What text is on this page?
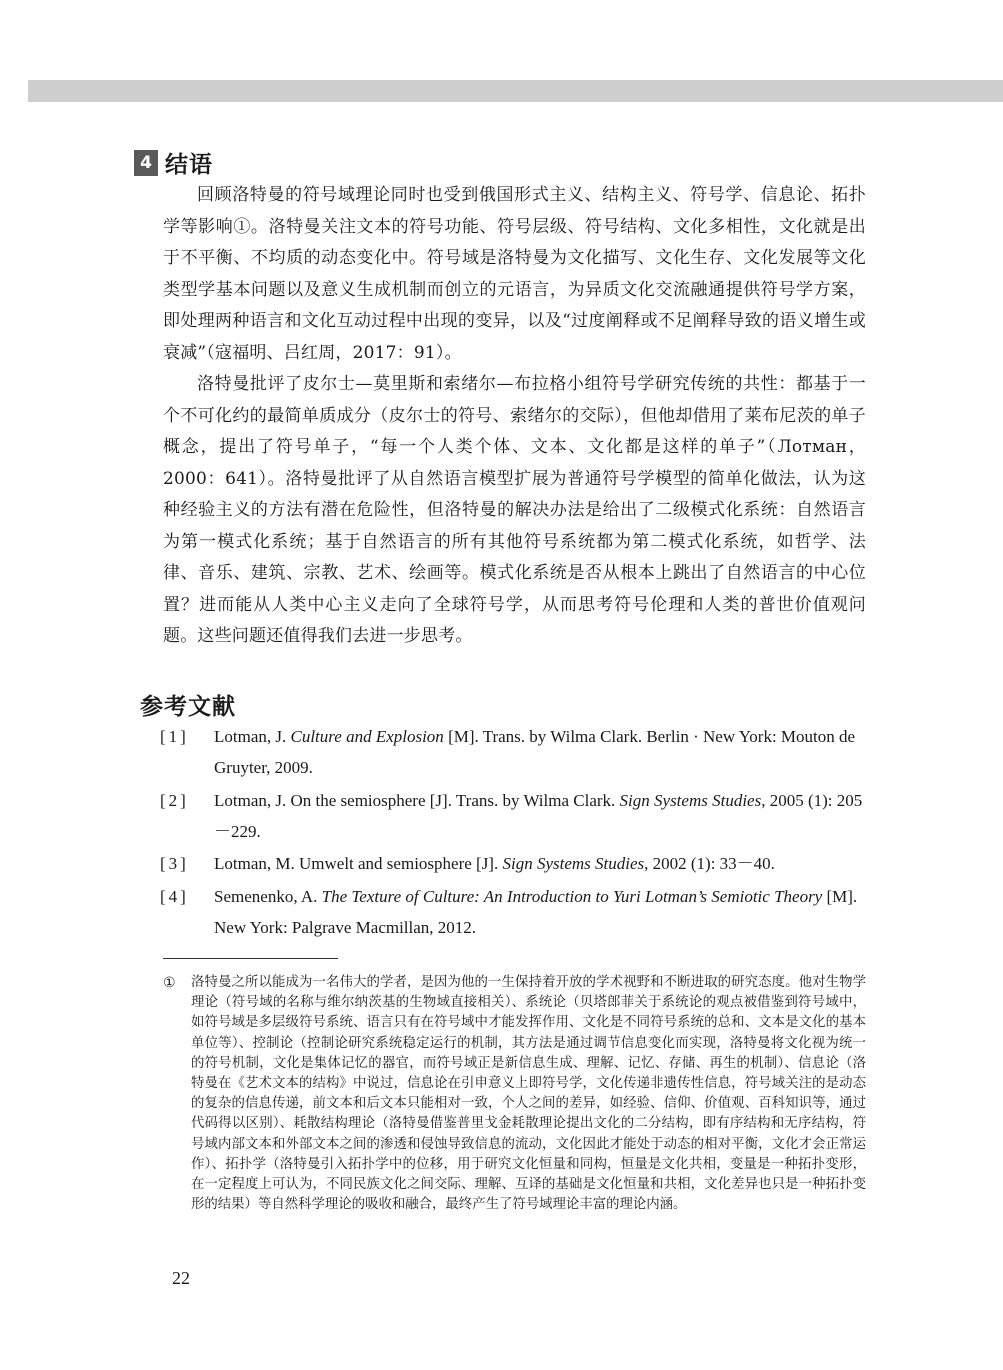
4 结语

回顾洛特曼的符号域理论同时也受到俄国形式主义、结构主义、符号学、信息论、拓扑学等影响①。洛特曼关注文本的符号功能、符号层级、符号结构、文化多相性，文化就是出于不平衡、不均质的动态变化中。符号域是洛特曼为文化描写、文化生存、文化发展等文化类型学基本问题以及意义生成机制而创立的元语言，为异质文化交流融通提供符号学方案，即处理两种语言和文化互动过程中出现的变异，以及“过度阐释或不足阐释导致的语义增生或衰减”（寇福明、吕红周，2017：91）。

洛特曼批评了皮尔士—莫里斯和索绪尔—布拉格小组符号学研究传统的共性：都基于一个不可化约的最简单质成分（皮尔士的符号、索绪尔的交际），但他却借用了莱布尼茨的单子概念，提出了符号单子，“每一个人类个体、文本、文化都是这样的单子”（Лотман，2000：641）。洛特曼批评了从自然语言模型扩展为普通符号学模型的简单化做法，认为这种经验主义的方法有潜在危险性，但洛特曼的解决办法是给出了二级模式化系统：自然语言为第一模式化系统；基于自然语言的所有其他符号系统都为第二模式化系统，如哲学、法律、音乐、建筑、宗教、艺术、绘画等。模式化系统是否从根本上跳出了自然语言的中心位置？进而能从人类中心主义走向了全球符号学，从而思考符号伦理和人类的普世价值观问题。这些问题还值得我们去进一步思考。

参考文献
[1] Lotman, J. Culture and Explosion [M]. Trans. by Wilma Clark. Berlin · New York: Mouton de Gruyter, 2009.
[2] Lotman, J. On the semiosphere [J]. Trans. by Wilma Clark. Sign Systems Studies, 2005 (1): 205－229.
[3] Lotman, M. Umwelt and semiosphere [J]. Sign Systems Studies, 2002 (1): 33－40.
[4] Semenenko, A. The Texture of Culture: An Introduction to Yuri Lotman’s Semiotic Theory [M]. New York: Palgrave Macmillan, 2012.
①	洛特曼之所以能成为一名伟大的学者，是因为他的一生保持着开放的学术视野和不断进取的研究态度。他对生物学理论（符号域的名称与维尔纳茨基的生物域直接相关）、系统论（贝塔郎菲关于系统论的观点被借鉴到符号域中，如符号域是多层级符号系统、语言只有在符号域中才能发挥作用、文化是不同符号系统的总和、文本是文化的基本单位等）、控制论（控制论研究系统稳定运行的机制，其方法是通过调节信息变化而实现，洛特曼将文化视为统一的符号机制，文化是集体记忆的器官，而符号域正是新信息生成、理解、记忆、存储、再生的机制）、信息论（洛特曼在《艺术文本的结构》中说过，信息论在引申意义上即符号学，文化传递非遗传性信息，符号域关注的是动态的复杂的信息传递，前文本和后文本只能相对一致，个人之间的差异，如经验、信仰、价值观、百科知识等，通过代码得以区别）、耗散结构理论（洛特曼借鉴普里戈金耗散理论提出文化的二分结构，即有序结构和无序结构，符号域内部文本和外部文本之间的渗透和侵蚀导致信息的流动，文化因此才能处于动态的相对平衡，文化才会正常运作）、拓扑学（洛特曼引入拓扑学中的位移，用于研究文化恒量和同构，恒量是文化共相，变量是一种拓扑变形，在一定程度上可认为，不同民族文化之间交际、理解、互译的基础是文化恒量和共相，文化差异也只是一种拓扑变形的结果）等自然科学理论的吸收和融合，最终产生了符号域理论丰富的理论内涵。

22
